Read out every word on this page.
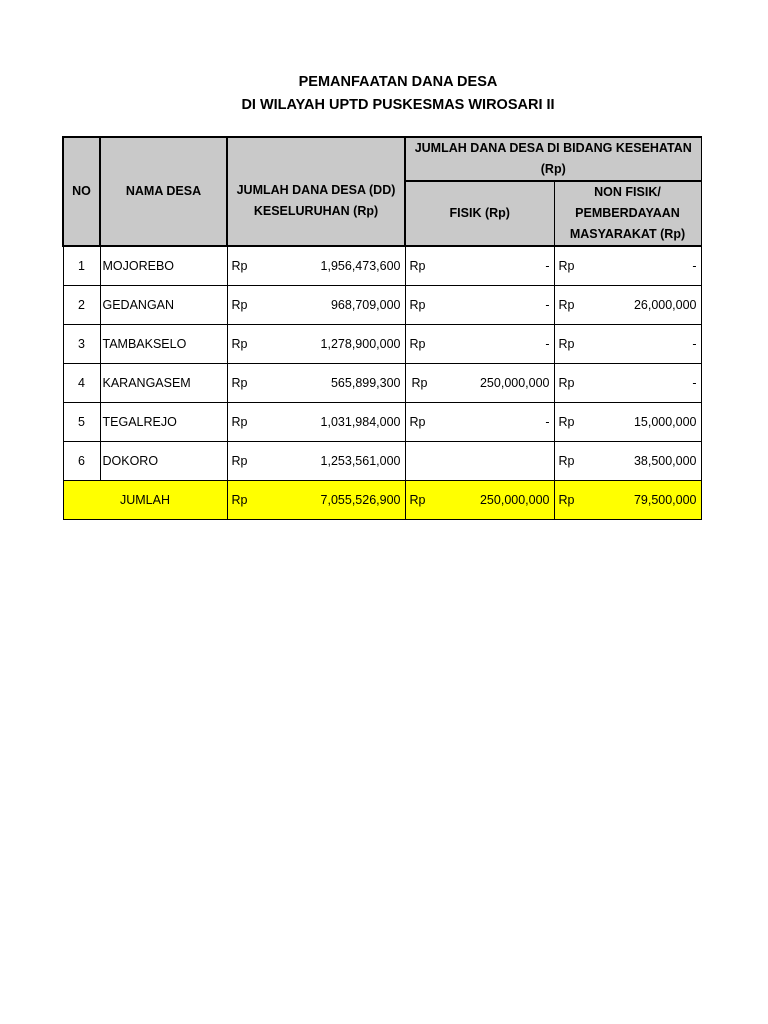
PEMANFAATAN DANA DESA
DI WILAYAH UPTD PUSKESMAS WIROSARI II
NO	NAMA DESA	JUMLAH DANA DESA (DD) KESELURUHAN (Rp)	JUMLAH DANA DESA DI BIDANG KESEHATAN (Rp)	
			FISIK (Rp)	NON FISIK/ PEMBERDAYAAN MASYARAKAT (Rp)
1	MOJOREBO	Rp 1,956,473,600	Rp -	Rp -

2	GEDANGAN	Rp 968,709,000	Rp -	Rp 26,000,000

3	TAMBAKSELO	Rp 1,278,900,000	Rp -	Rp -

4	KARANGASEM	Rp 565,899,300	Rp 250,000,000	Rp -

5	TEGALREJO	Rp 1,031,984,000	Rp -	Rp 15,000,000

6	DOKORO	Rp 1,253,561,000		Rp 38,500,000

JUMLAH		Rp 7,055,526,900	Rp 250,000,000	Rp 79,500,000
